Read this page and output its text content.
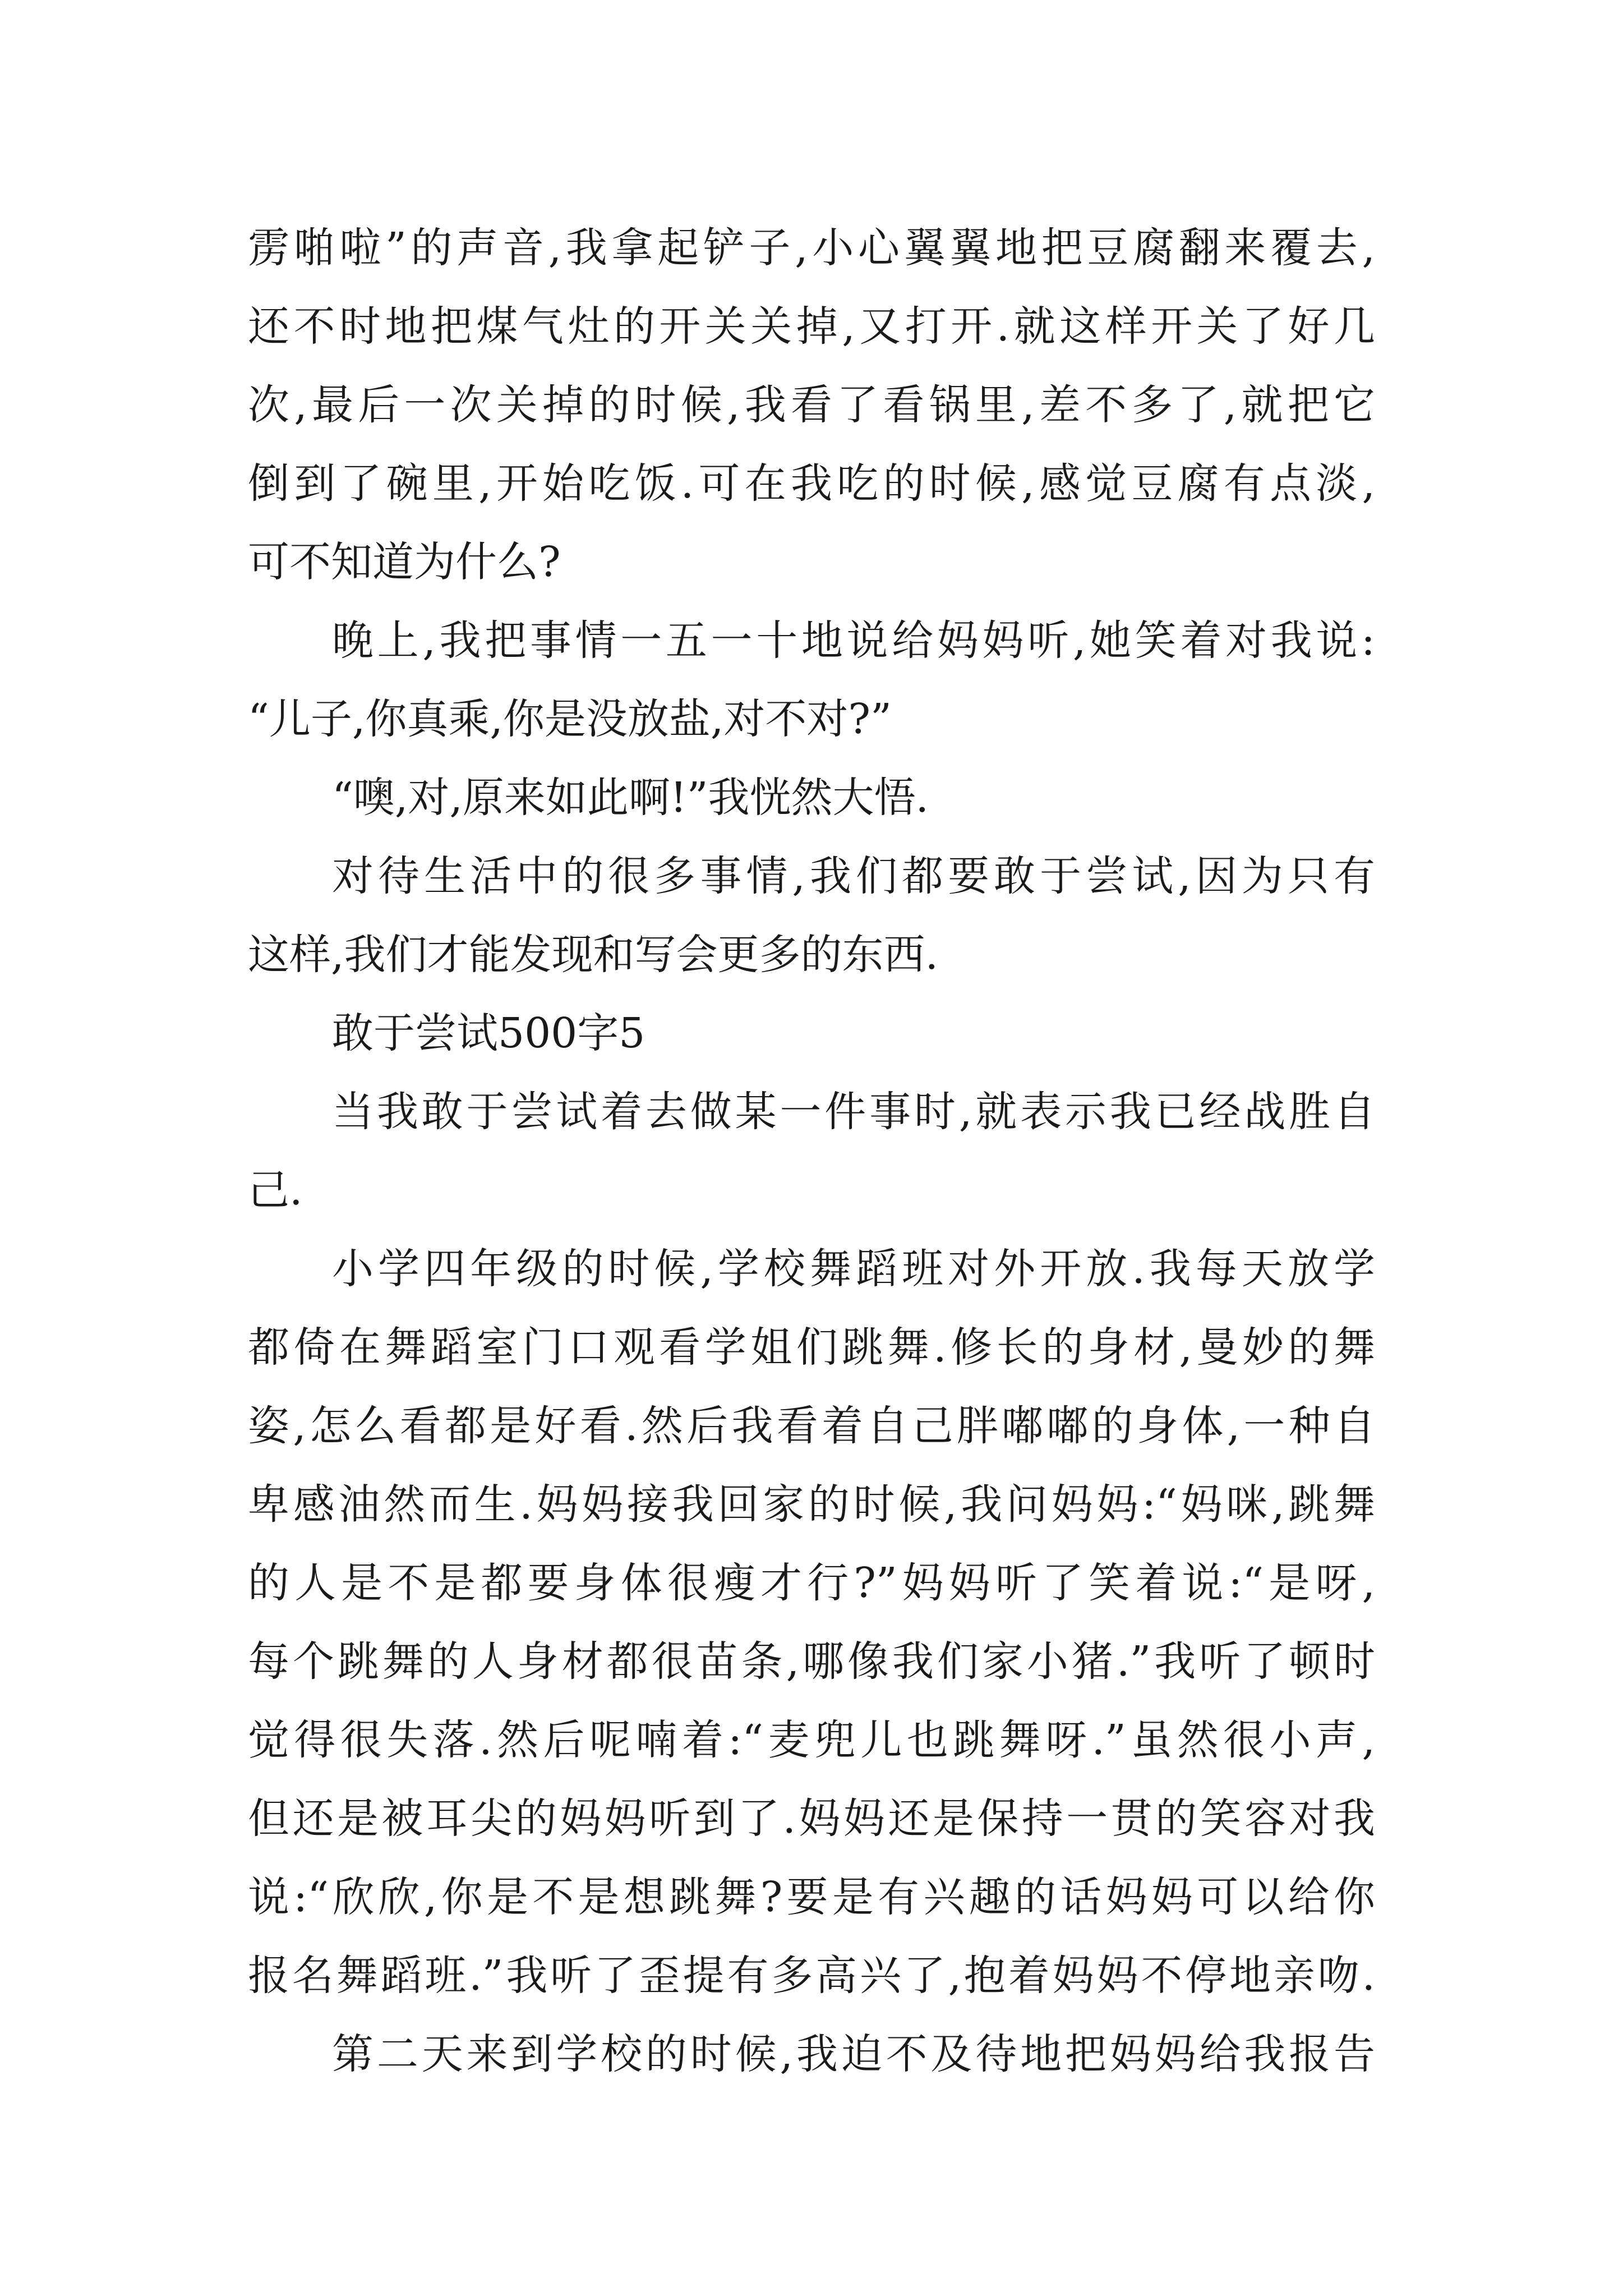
雳啪啦”的声音,我拿起铲子,小心翼翼地把豆腐翻来覆去,
还不时地把煤气灶的开关关掉,又打开.就这样开关了好几
次,最后一次关掉的时候,我看了看锅里,差不多了,就把它
倒到了碗里,开始吃饭.可在我吃的时候,感觉豆腐有点淡,
可不知道为什么?
晚上,我把事情一五一十地说给妈妈听,她笑着对我说:
“儿子,你真乘,你是没放盐,对不对?”
“噢,对,原来如此啊!”我恍然大悟.
对待生活中的很多事情,我们都要敢于尝试,因为只有
这样,我们才能发现和写会更多的东西.
敢于尝试500字5
当我敢于尝试着去做某一件事时,就表示我已经战胜自
己.
小学四年级的时候,学校舞蹈班对外开放.我每天放学
都倚在舞蹈室门口观看学姐们跳舞.修长的身材,曼妙的舞
姿,怎么看都是好看.然后我看着自己胖嘟嘟的身体,一种自
卑感油然而生.妈妈接我回家的时候,我问妈妈:“妈咪,跳舞
的人是不是都要身体很瘦才行?”妈妈听了笑着说:“是呀,
每个跳舞的人身材都很苗条,哪像我们家小猪.”我听了顿时
觉得很失落.然后呢喃着:“麦兜儿也跳舞呀.”虽然很小声,
但还是被耳尖的妈妈听到了.妈妈还是保持一贯的笑容对我
说:“欣欣,你是不是想跳舞?要是有兴趣的话妈妈可以给你
报名舞蹈班.”我听了歪提有多高兴了,抱着妈妈不停地亲吻.
第二天来到学校的时候,我迫不及待地把妈妈给我报告
